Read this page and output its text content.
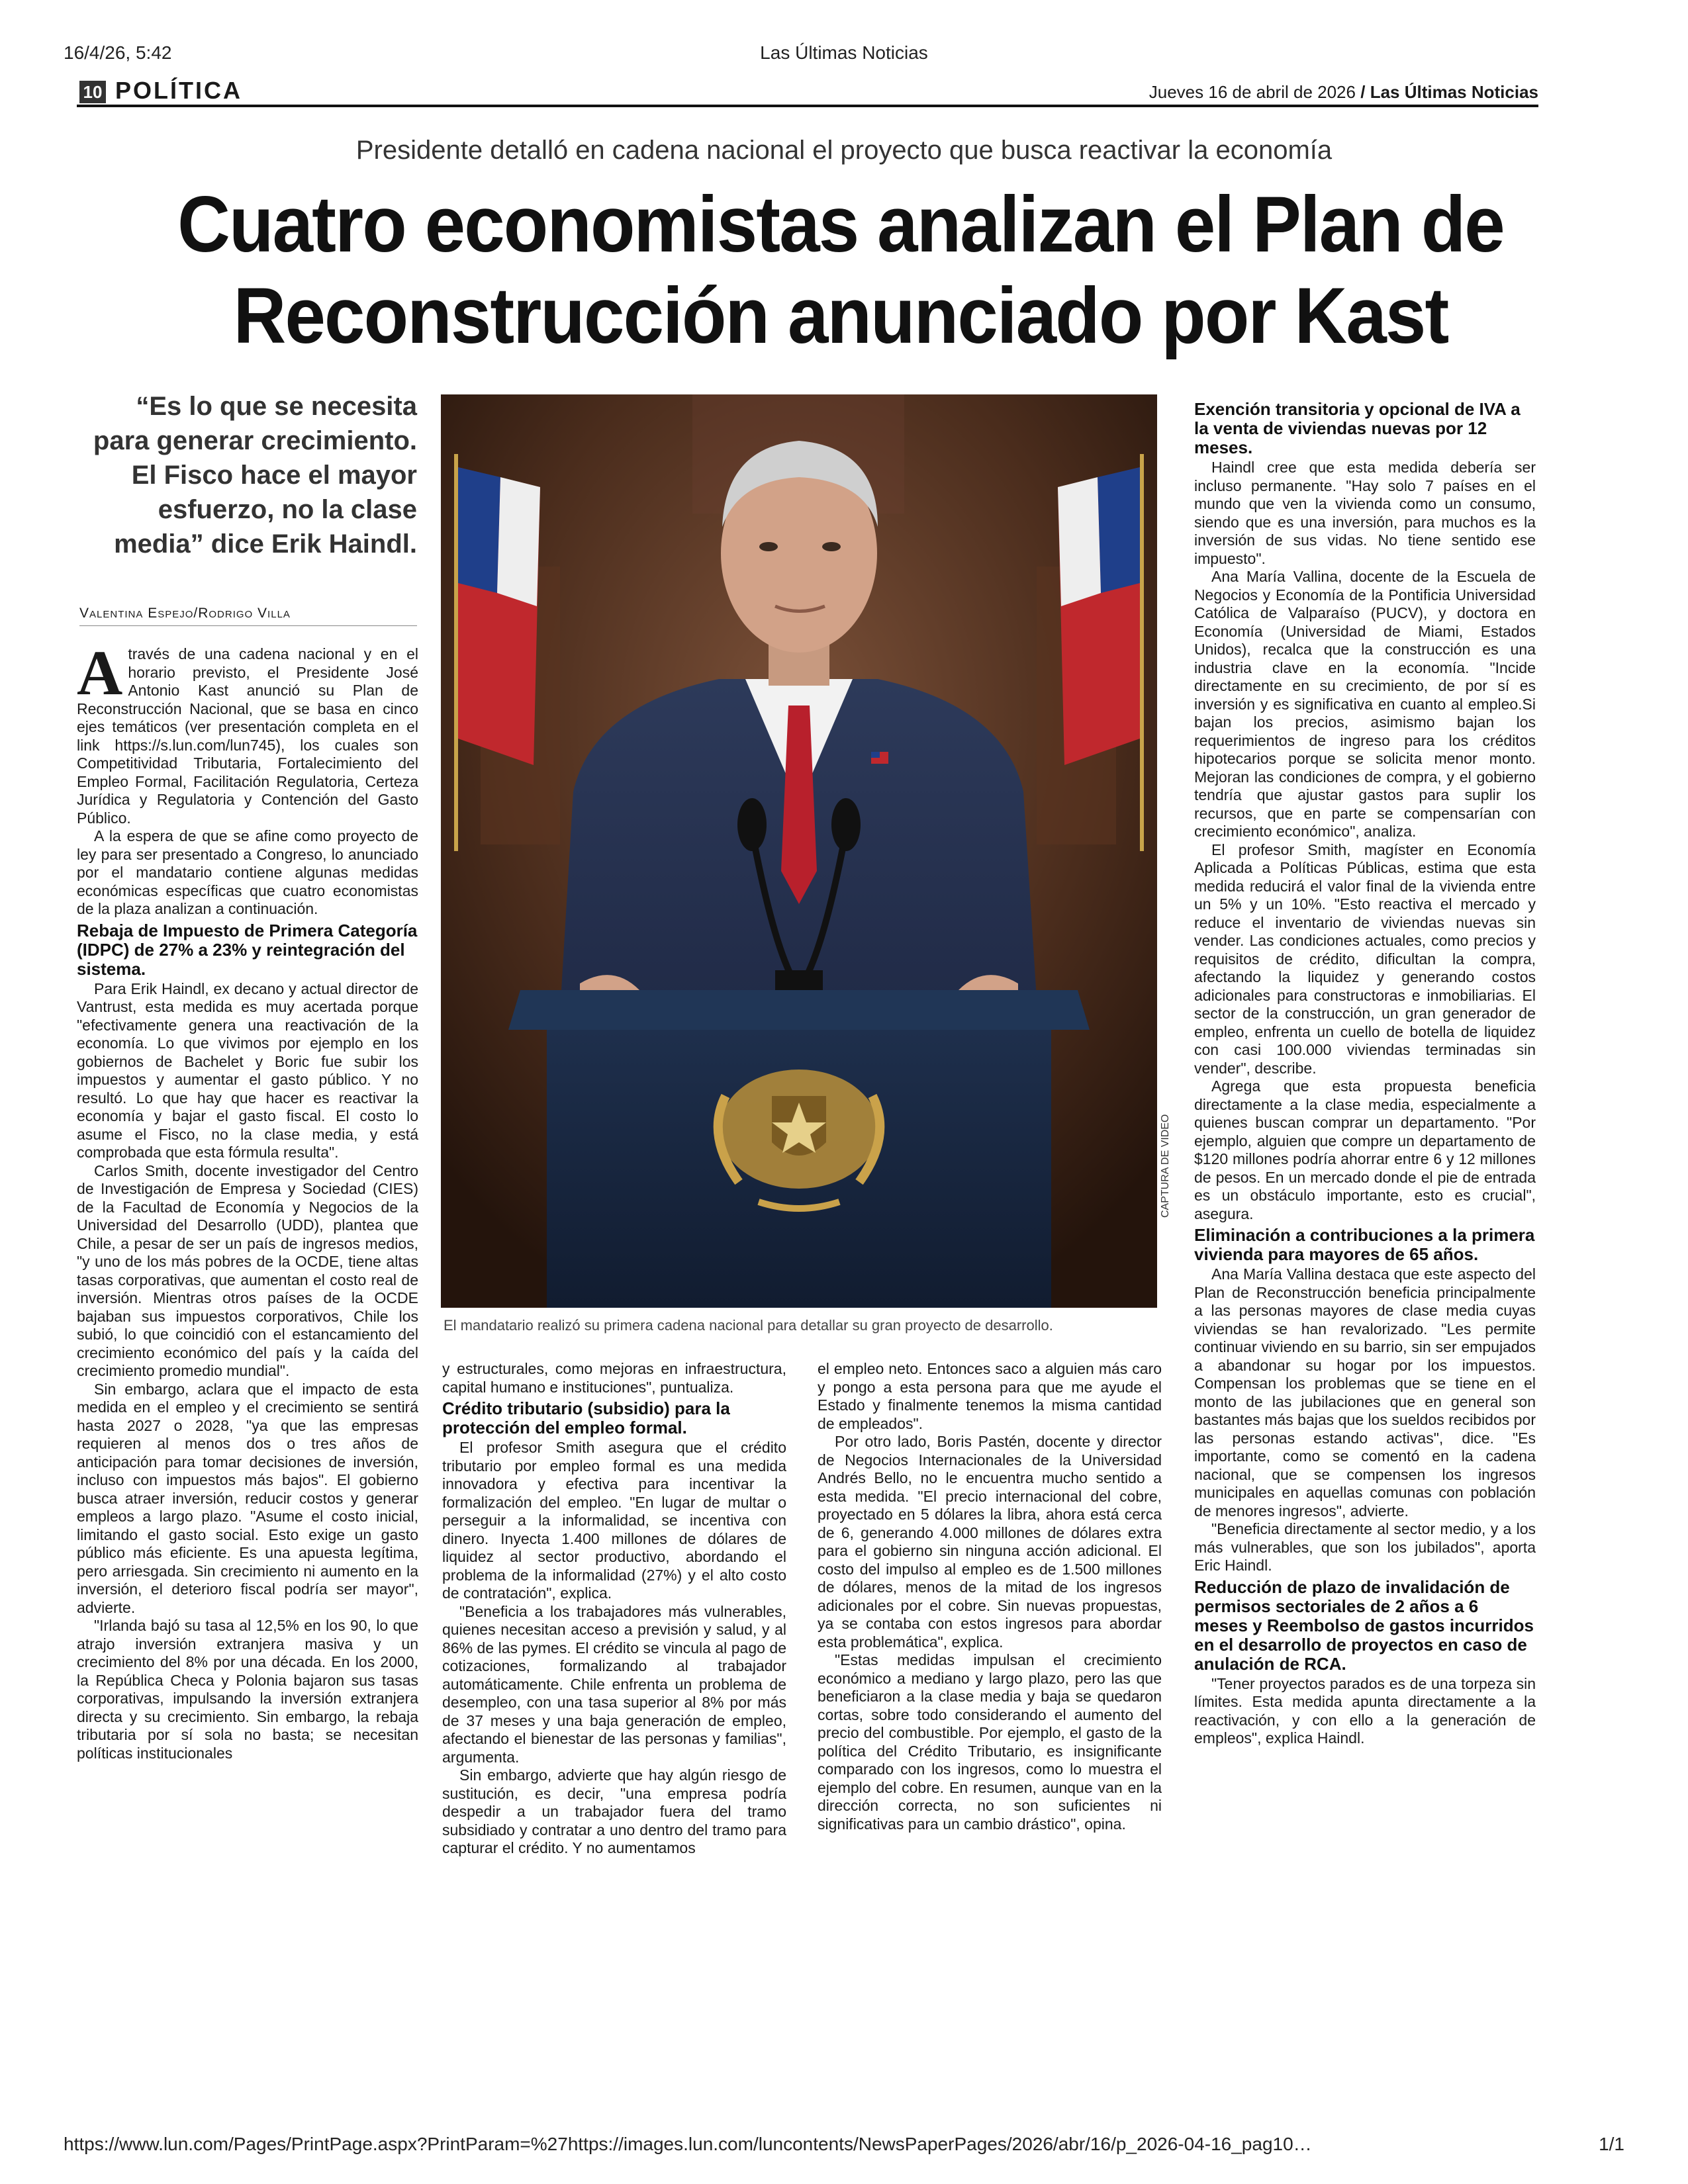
16/4/26, 5:42	Las Últimas Noticias
10 POLÍTICA	Jueves 16 de abril de 2026 / Las Últimas Noticias
Presidente detalló en cadena nacional el proyecto que busca reactivar la economía
Cuatro economistas analizan el Plan de Reconstrucción anunciado por Kast
“Es lo que se necesita para generar crecimiento. El Fisco hace el mayor esfuerzo, no la clase media” dice Erik Haindl.
Valentina Espejo/Rodrigo Villa

Através de una cadena nacional y en el horario previsto, el Presidente José Antonio Kast anunció su Plan de Reconstrucción Nacional, que se basa en cinco ejes temáticos (ver presentación completa en el link https://s.lun.com/lun745), los cuales son Competitividad Tributaria, Fortalecimiento del Empleo Formal, Facilitación Regulatoria, Certeza Jurídica y Regulatoria y Contención del Gasto Público.

A la espera de que se afine como proyecto de ley para ser presentado a Congreso, lo anunciado por el mandatario contiene algunas medidas económicas específicas que cuatro economistas de la plaza analizan a continuación.

Rebaja de Impuesto de Primera Categoría (IDPC) de 27% a 23% y reintegración del sistema.

Para Erik Haindl, ex decano y actual director de Vantrust, esta medida es muy acertada porque "efectivamente genera una reactivación de la economía. Lo que vivimos por ejemplo en los gobiernos de Bachelet y Boric fue subir los impuestos y aumentar el gasto público. Y no resultó. Lo que hay que hacer es reactivar la economía y bajar el gasto fiscal. El costo lo asume el Fisco, no la clase media, y está comprobada que esta fórmula resulta".

Carlos Smith, docente investigador del Centro de Investigación de Empresa y Sociedad (CIES) de la Facultad de Economía y Negocios de la Universidad del Desarrollo (UDD), plantea que Chile, a pesar de ser un país de ingresos medios, "y uno de los más pobres de la OCDE, tiene altas tasas corporativas, que aumentan el costo real de inversión. Mientras otros países de la OCDE bajaban sus impuestos corporativos, Chile los subió, lo que coincidió con el estancamiento del crecimiento económico del país y la caída del crecimiento promedio mundial".

Sin embargo, aclara que el impacto de esta medida en el empleo y el crecimiento se sentirá hasta 2027 o 2028, "ya que las empresas requieren al menos dos o tres años de anticipación para tomar decisiones de inversión, incluso con impuestos más bajos". El gobierno busca atraer inversión, reducir costos y generar empleos a largo plazo. "Asume el costo inicial, limitando el gasto social. Esto exige un gasto público más eficiente. Es una apuesta legítima, pero arriesgada. Sin crecimiento ni aumento en la inversión, el deterioro fiscal podría ser mayor", advierte.

"Irlanda bajó su tasa al 12,5% en los 90, lo que atrajo inversión extranjera masiva y un crecimiento del 8% por una década. En los 2000, la República Checa y Polonia bajaron sus tasas corporativas, impulsando la inversión extranjera directa y su crecimiento. Sin embargo, la rebaja tributaria por sí sola no basta; se necesitan políticas institucionales

CAPTURA DE VIDEO
El mandatario realizó su primera cadena nacional para detallar su gran proyecto de desarrollo.

y estructurales, como mejoras en infraestructura, capital humano e instituciones", puntualiza.

Crédito tributario (subsidio) para la protección del empleo formal.

El profesor Smith asegura que el crédito tributario por empleo formal es una medida innovadora y efectiva para incentivar la formalización del empleo. "En lugar de multar o perseguir a la informalidad, se incentiva con dinero. Inyecta 1.400 millones de dólares de liquidez al sector productivo, abordando el problema de la informalidad (27%) y el alto costo de contratación", explica.

"Beneficia a los trabajadores más vulnerables, quienes necesitan acceso a previsión y salud, y al 86% de las pymes. El crédito se vincula al pago de cotizaciones, formalizando al trabajador automáticamente. Chile enfrenta un problema de desempleo, con una tasa superior al 8% por más de 37 meses y una baja generación de empleo, afectando el bienestar de las personas y familias", argumenta.

Sin embargo, advierte que hay algún riesgo de sustitución, es decir, "una empresa podría despedir a un trabajador fuera del tramo subsidiado y contratar a uno dentro del tramo para capturar el crédito. Y no aumentamos

el empleo neto. Entonces saco a alguien más caro y pongo a esta persona para que me ayude el Estado y finalmente tenemos la misma cantidad de empleados".

Por otro lado, Boris Pastén, docente y director de Negocios Internacionales de la Universidad Andrés Bello, no le encuentra mucho sentido a esta medida. "El precio internacional del cobre, proyectado en 5 dólares la libra, ahora está cerca de 6, generando 4.000 millones de dólares extra para el gobierno sin ninguna acción adicional. El costo del impulso al empleo es de 1.500 millones de dólares, menos de la mitad de los ingresos adicionales por el cobre. Sin nuevas propuestas, ya se contaba con estos ingresos para abordar esta problemática", explica.

"Estas medidas impulsan el crecimiento económico a mediano y largo plazo, pero las que beneficiaron a la clase media y baja se quedaron cortas, sobre todo considerando el aumento del precio del combustible. Por ejemplo, el gasto de la política del Crédito Tributario, es insignificante comparado con los ingresos, como lo muestra el ejemplo del cobre. En resumen, aunque van en la dirección correcta, no son suficientes ni significativas para un cambio drástico", opina.

Exención transitoria y opcional de IVA a la venta de viviendas nuevas por 12 meses.

Haindl cree que esta medida debería ser incluso permanente. "Hay solo 7 países en el mundo que ven la vivienda como un consumo, siendo que es una inversión, para muchos es la inversión de sus vidas. No tiene sentido ese impuesto".

Ana María Vallina, docente de la Escuela de Negocios y Economía de la Pontificia Universidad Católica de Valparaíso (PUCV), y doctora en Economía (Universidad de Miami, Estados Unidos), recalca que la construcción es una industria clave en la economía. "Incide directamente en su crecimiento, de por sí es inversión y es significativa en cuanto al empleo.Si bajan los precios, asimismo bajan los requerimientos de ingreso para los créditos hipotecarios porque se solicita menor monto. Mejoran las condiciones de compra, y el gobierno tendría que ajustar gastos para suplir los recursos, que en parte se compensarían con crecimiento económico", analiza.

El profesor Smith, magíster en Economía Aplicada a Políticas Públicas, estima que esta medida reducirá el valor final de la vivienda entre un 5% y un 10%. "Esto reactiva el mercado y reduce el inventario de viviendas nuevas sin vender. Las condiciones actuales, como precios y requisitos de crédito, dificultan la compra, afectando la liquidez y generando costos adicionales para constructoras e inmobiliarias. El sector de la construcción, un gran generador de empleo, enfrenta un cuello de botella de liquidez con casi 100.000 viviendas terminadas sin vender", describe.

Agrega que esta propuesta beneficia directamente a la clase media, especialmente a quienes buscan comprar un departamento. "Por ejemplo, alguien que compre un departamento de $120 millones podría ahorrar entre 6 y 12 millones de pesos. En un mercado donde el pie de entrada es un obstáculo importante, esto es crucial", asegura.

Eliminación a contribuciones a la primera vivienda para mayores de 65 años.

Ana María Vallina destaca que este aspecto del Plan de Reconstrucción beneficia principalmente a las personas mayores de clase media cuyas viviendas se han revalorizado. "Les permite continuar viviendo en su barrio, sin ser empujados a abandonar su hogar por los impuestos. Compensan los problemas que se tiene en el monto de las jubilaciones que en general son bastantes más bajas que los sueldos recibidos por las personas estando activas", dice. "Es importante, como se comentó en la cadena nacional, que se compensen los ingresos municipales en aquellas comunas con población de menores ingresos", advierte.

"Beneficia directamente al sector medio, y a los más vulnerables, que son los jubilados", aporta Eric Haindl.

Reducción de plazo de invalidación de permisos sectoriales de 2 años a 6 meses y Reembolso de gastos incurridos en el desarrollo de proyectos en caso de anulación de RCA.

"Tener proyectos parados es de una torpeza sin límites. Esta medida apunta directamente a la reactivación, y con ello a la generación de empleos", explica Haindl.

https://www.lun.com/Pages/PrintPage.aspx?PrintParam=%27https://images.lun.com/luncontents/NewsPaperPages/2026/abr/16/p_2026-04-16_pag10…	1/1
